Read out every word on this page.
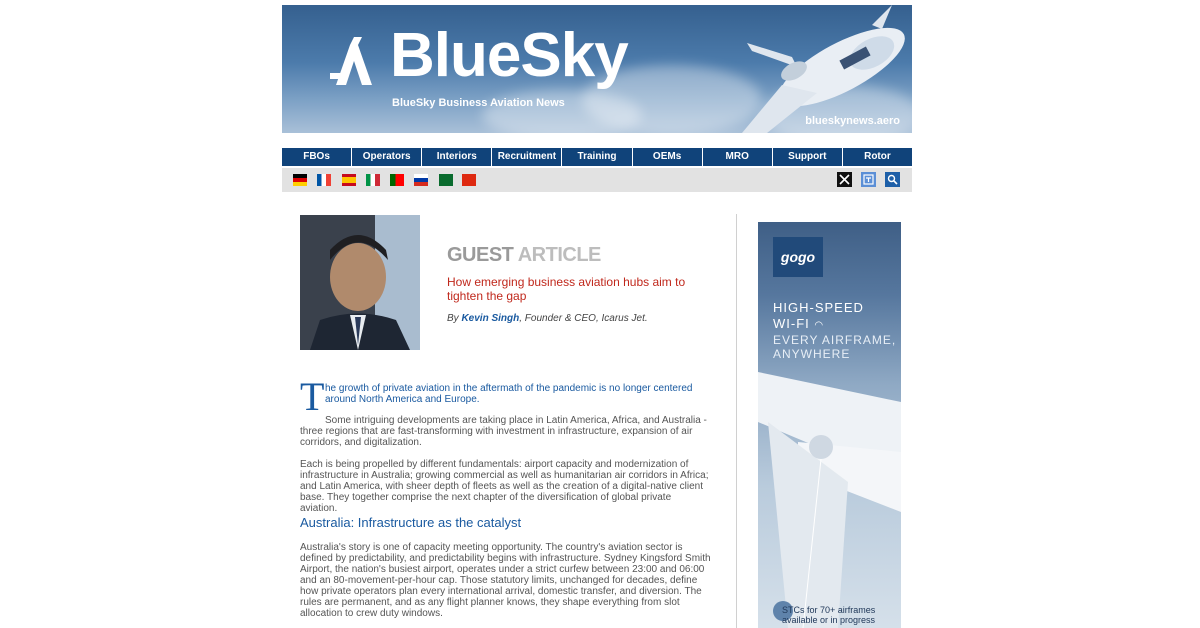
BlueSky
BlueSky Business Aviation News
blueskynews.aero
FBOs	Operators	Interiors	Recruitment	Training	OEMs	MRO	Support	Rotor
GUEST ARTICLE
How emerging business aviation hubs aim to tighten the gap
By Kevin Singh, Founder & CEO, Icarus Jet.
T he growth of private aviation in the aftermath of the pandemic is no longer centered around North America and Europe.
Some intriguing developments are taking place in Latin America, Africa, and Australia - three regions that are fast-transforming with investment in infrastructure, expansion of air corridors, and digitalization.
Each is being propelled by different fundamentals: airport capacity and modernization of infrastructure in Australia; growing commercial as well as humanitarian air corridors in Africa; and Latin America, with sheer depth of fleets as well as the creation of a digital-native client base. They together comprise the next chapter of the diversification of global private aviation.
Australia: Infrastructure as the catalyst
Australia's story is one of capacity meeting opportunity. The country's aviation sector is defined by predictability, and predictability begins with infrastructure. Sydney Kingsford Smith Airport, the nation's busiest airport, operates under a strict curfew between 23:00 and 06:00 and an 80-movement-per-hour cap. Those statutory limits, unchanged for decades, define how private operators plan every international arrival, domestic transfer, and diversion. The rules are permanent, and as any flight planner knows, they shape everything from slot allocation to crew duty windows.
gogo
HIGH-SPEED
WI-FI ◠
EVERY AIRFRAME, ANYWHERE
STCs for 70+ airframes available or in progress
